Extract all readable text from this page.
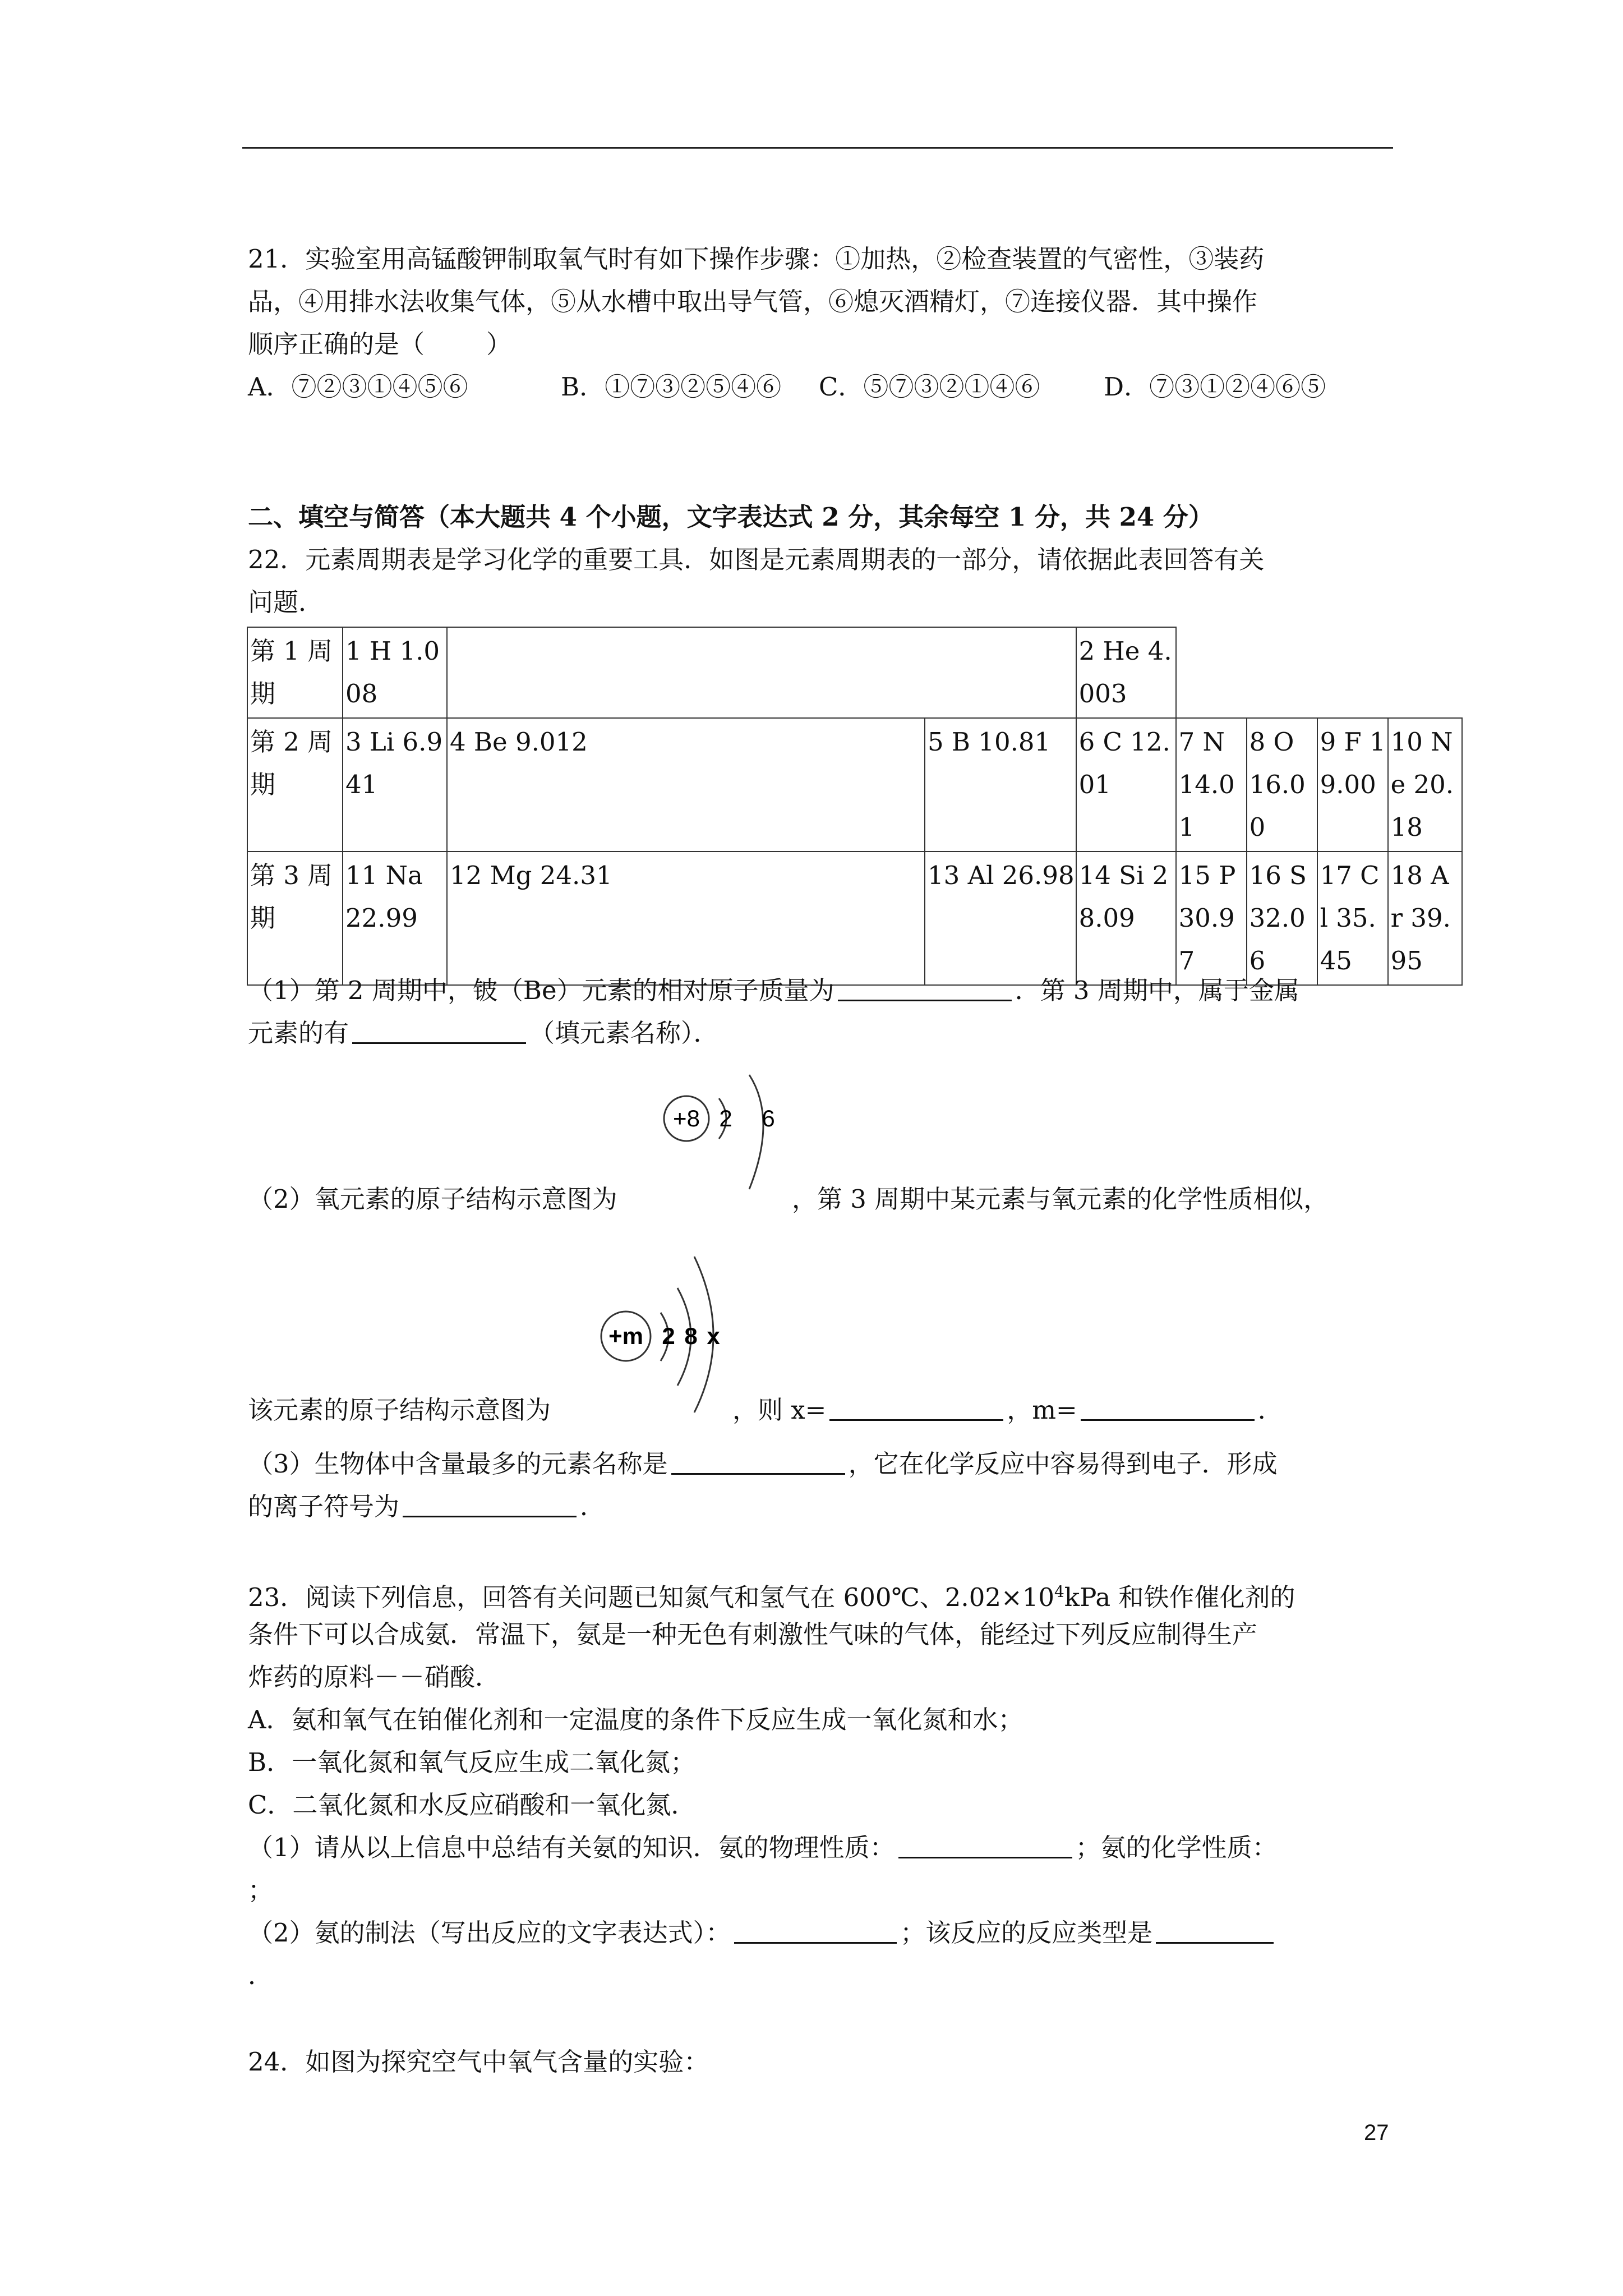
21．实验室用高锰酸钾制取氧气时有如下操作步骤：①加热，②检查装置的气密性，③装药
品，④用排水法收集气体，⑤从水槽中取出导气管，⑥熄灭酒精灯，⑦连接仪器．其中操作
顺序正确的是（ ）
A．⑦②③①④⑤⑥	B．①⑦③②⑤④⑥ C．⑤⑦③②①④⑥	D．⑦③①②④⑥⑤
二、填空与简答（本大题共 4 个小题，文字表达式 2 分，其余每空 1 分，共 24 分）
22．元素周期表是学习化学的重要工具．如图是元素周期表的一部分，请依据此表回答有关
问题．
第 1 周期	1 H 1.008			2 He 4.003				
第 2 周期	3 Li 6.941	4 Be 9.012	5 B 10.81	6 C 12.01	7 N 14.01	8 O 16.00	9 F 19.00	10 Ne 20.18
第 3 周期	11 Na 22.99	12 Mg 24.31	13 Al 26.98	14 Si 28.09	15 P 30.97	16 S 32.06	17 Cl 35.45	18 Ar 39.95
（1）第 2 周期中，铍（Be）元素的相对原子质量为	．第 3 周期中，属于金属
元素的有	（填元素名称）．
+8 2 6
（2）氧元素的原子结构示意图为	，第 3 周期中某元素与氧元素的化学性质相似，
+m 2 8 x
该元素的原子结构示意图为	，则 x=	，m=	．
（3）生物体中含量最多的元素名称是	，它在化学反应中容易得到电子．形成
的离子符号为	．
23．阅读下列信息，回答有关问题已知氮气和氢气在 600℃、$2.02\times 10^4kPa$ 和铁作催化剂的
条件下可以合成氨．常温下，氨是一种无色有刺激性气味的气体，能经过下列反应制得生产
炸药的原料－－硝酸．
A．氨和氧气在铂催化剂和一定温度的条件下反应生成一氧化氮和水；
B．一氧化氮和氧气反应生成二氧化氮；
C．二氧化氮和水反应硝酸和一氧化氮．
（1）请从以上信息中总结有关氨的知识．氨的物理性质：	；氨的化学性质：
；
（2）氨的制法（写出反应的文字表达式）：	；该反应的反应类型是
．
24．如图为探究空气中氧气含量的实验：
27
